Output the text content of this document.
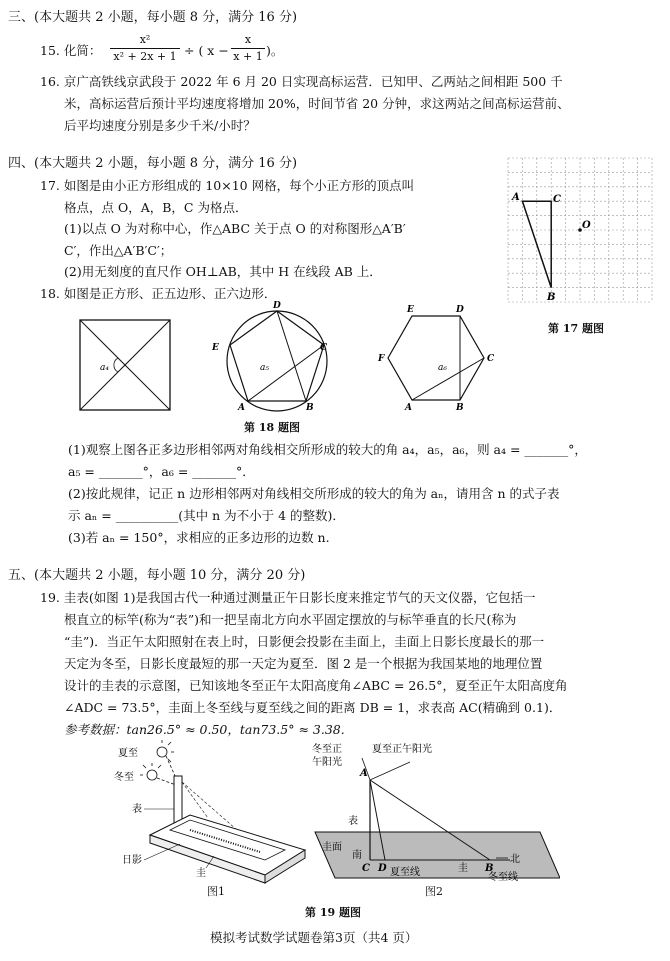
三、(本大题共 2 小题，每小题 8 分，满分 16 分)
15. 化简：
x²
x² + 2x + 1 ÷ ( x −
x
x + 1 )。
16. 京广高铁线京武段于 2022 年 6 月 20 日实现高标运营．已知甲、乙两站之间相距 500 千
米，高标运营后预计平均速度将增加 20%，时间节省 20 分钟，求这两站之间高标运营前、
后平均速度分别是多少千米/小时？
四、(本大题共 2 小题，每小题 8 分，满分 16 分)
17. 如图是由小正方形组成的 10×10 网格，每个小正方形的顶点叫
格点，点 O，A，B，C 为格点．
(1)以点 O 为对称中心，作△ABC 关于点 O 的对称图形△A′B′
C′，作出△A′B′C′；
(2)用无刻度的直尺作 OH⊥AB，其中 H 在线段 AB 上．
18. 如图是正方形、正五边形、正六边形．
A	C
O
B
第 17 题图
a₄	a₅
A	B
C
D
E
a₆
A	B
C
D
E
F
第 18 题图
(1)观察上图各正多边形相邻两对角线相交所形成的较大的角 a₄，a₅，a₆，则 a₄ = _______°，
a₅ = _______°，a₆ = _______°．
(2)按此规律，记正 n 边形相邻两对角线相交所形成的较大的角为 aₙ，请用含 n 的式子表
示 aₙ = __________(其中 n 为不小于 4 的整数)．
(3)若 aₙ = 150°，求相应的正多边形的边数 n.
五、(本大题共 2 小题，每小题 10 分，满分 20 分)
19. 圭表(如图 1)是我国古代一种通过测量正午日影长度来推定节气的天文仪器，它包括一
根直立的标竿(称为“表”)和一把呈南北方向水平固定摆放的与标竿垂直的长尺(称为
“圭”)．当正午太阳照射在表上时，日影便会投影在圭面上，圭面上日影长度最长的那一
天定为冬至，日影长度最短的那一天定为夏至．图 2 是一个根据为我国某地的地理位置
设计的圭表的示意图，已知该地冬至正午太阳高度角∠ABC = 26.5°，夏至正午太阳高度角
∠ADC = 73.5°，圭面上冬至线与夏至线之间的距离 DB = 1，求表高 AC(精确到 0.1)．
参考数据：tan26.5° ≈ 0.50，tan73.5° ≈ 3.38.
夏至
冬至
表
日影
圭
图1
冬至正
午阳光
夏至正午阳光
A
表
圭面
南
C D 夏至线	圭 B
北
冬至线
图2
第 19 题图
模拟考试数学试题卷第3页（共4 页）
